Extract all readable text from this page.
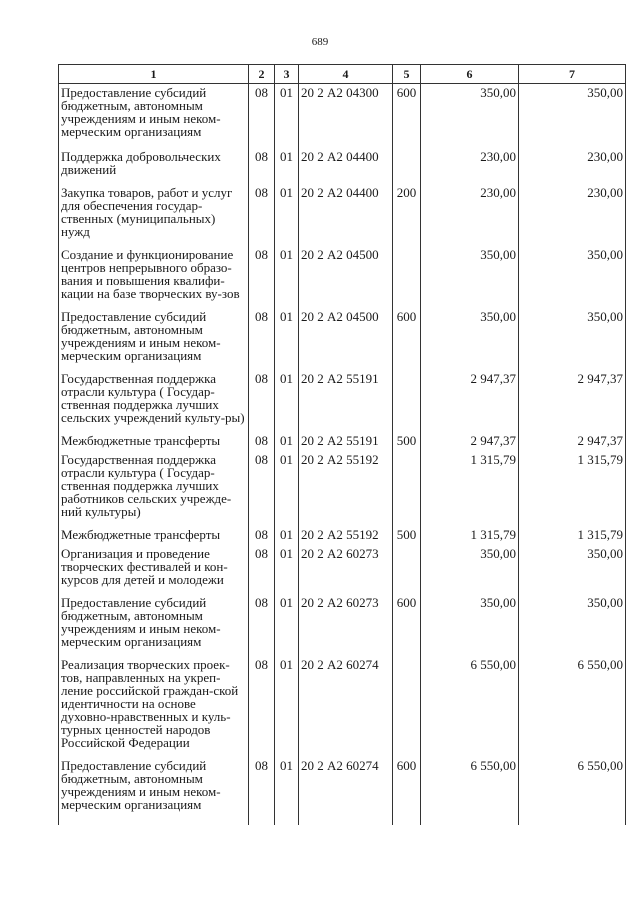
689
1	2	3	4	5	6	7

Предоставление субсидий бюджетным, автономным учреждениям и иным неком-мерческим организациям	08	01	20 2 А2 04300	600	350,00	350,00

Поддержка добровольческих движений	08	01	20 2 А2 04400		230,00	230,00

Закупка товаров, работ и услуг для обеспечения государ-ственных (муниципальных) нужд	08	01	20 2 А2 04400	200	230,00	230,00

Создание и функционирование центров непрерывного образо-вания и повышения квалифи-кации на базе творческих ву-зов	08	01	20 2 А2 04500		350,00	350,00

Предоставление субсидий бюджетным, автономным учреждениям и иным неком-мерческим организациям	08	01	20 2 А2 04500	600	350,00	350,00

Государственная поддержка отрасли культура ( Государ-ственная поддержка лучших сельских учреждений культу-ры)	08	01	20 2 А2 55191		2 947,37	2 947,37

Межбюджетные трансферты	08	01	20 2 А2 55191	500	2 947,37	2 947,37

Государственная поддержка отрасли культура ( Государ-ственная поддержка лучших работников сельских учрежде-ний культуры)	08	01	20 2 А2 55192		1 315,79	1 315,79

Межбюджетные трансферты	08	01	20 2 А2 55192	500	1 315,79	1 315,79

Организация и проведение творческих фестивалей и кон-курсов для детей и молодежи	08	01	20 2 А2 60273		350,00	350,00

Предоставление субсидий бюджетным, автономным учреждениям и иным неком-мерческим организациям	08	01	20 2 А2 60273	600	350,00	350,00

Реализация творческих проек-тов, направленных на укреп-ление российской граждан-ской идентичности на основе духовно-нравственных и куль-турных ценностей народов Российской Федерации	08	01	20 2 А2 60274		6 550,00	6 550,00

Предоставление субсидий бюджетным, автономным учреждениям и иным неком-мерческим организациям	08	01	20 2 А2 60274	600	6 550,00	6 550,00
